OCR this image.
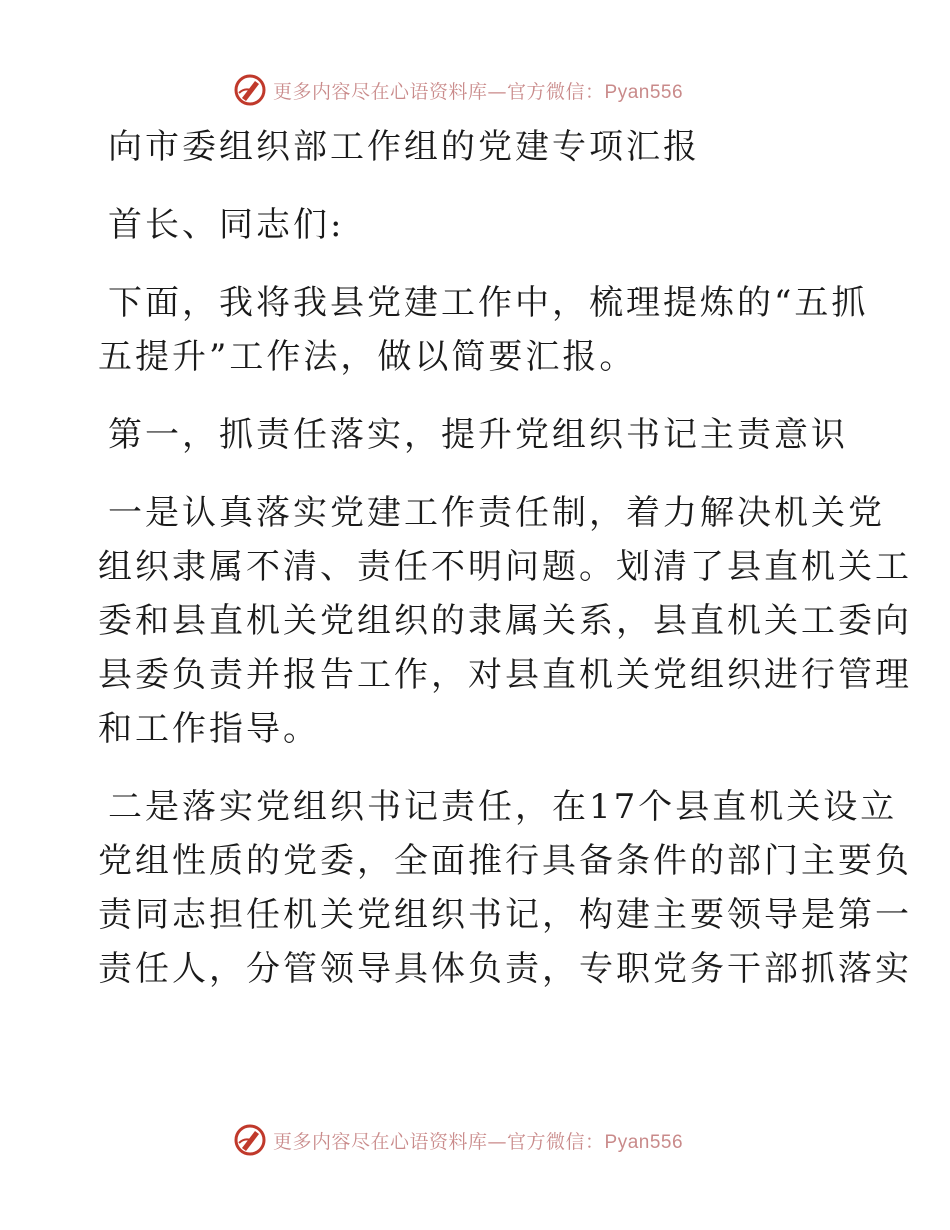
更多内容尽在心语资料库—官方微信：Pyan556

向市委组织部工作组的党建专项汇报

首长、同志们:

下面，我将我县党建工作中，梳理提炼的“五抓

五提升”工作法，做以简要汇报。

第一，抓责任落实，提升党组织书记主责意识

一是认真落实党建工作责任制，着力解决机关党

组织隶属不清、责任不明问题。划清了县直机关工

委和县直机关党组织的隶属关系，县直机关工委向

县委负责并报告工作，对县直机关党组织进行管理

和工作指导。

二是落实党组织书记责任，在17个县直机关设立

党组性质的党委，全面推行具备条件的部门主要负

责同志担任机关党组织书记，构建主要领导是第一

责任人，分管领导具体负责，专职党务干部抓落实

更多内容尽在心语资料库—官方微信：Pyan556
